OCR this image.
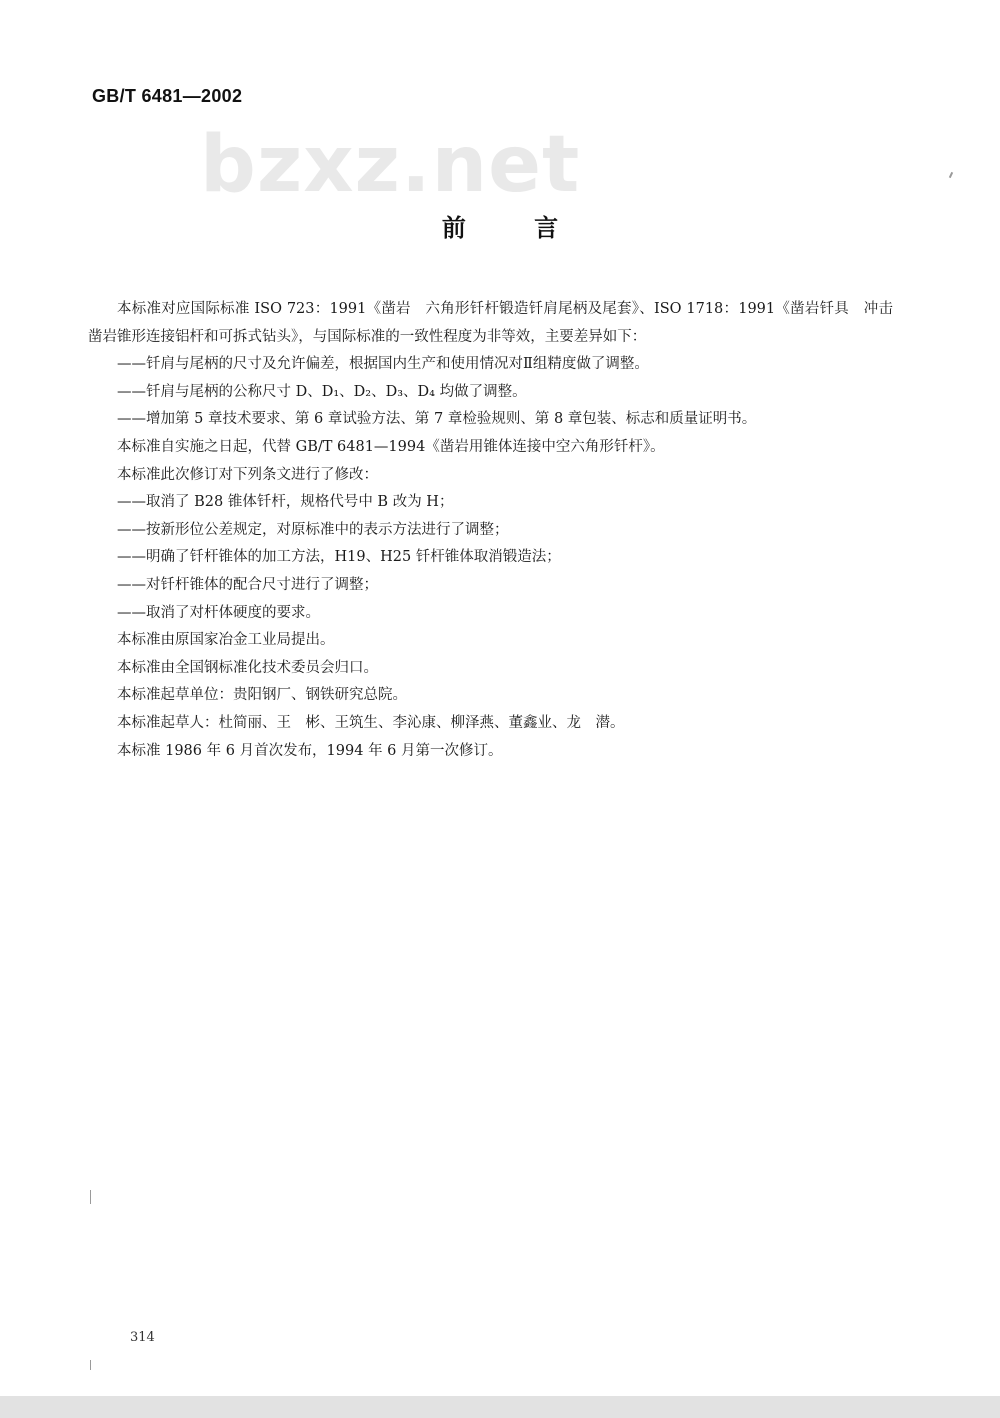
GB/T 6481—2002
bzxz.net
前 言

本标准对应国际标准 ISO 723：1991《凿岩　六角形钎杆锻造钎肩尾柄及尾套》、ISO 1718：1991《凿岩钎具　冲击凿岩锥形连接铝杆和可拆式钻头》，与国际标准的一致性程度为非等效，主要差异如下：

——钎肩与尾柄的尺寸及允许偏差，根据国内生产和使用情况对Ⅱ组精度做了调整。

——钎肩与尾柄的公称尺寸 D、D₁、D₂、D₃、D₄ 均做了调整。

——增加第 5 章技术要求、第 6 章试验方法、第 7 章检验规则、第 8 章包装、标志和质量证明书。

本标准自实施之日起，代替 GB/T 6481—1994《凿岩用锥体连接中空六角形钎杆》。

本标准此次修订对下列条文进行了修改：

——取消了 B28 锥体钎杆，规格代号中 B 改为 H；

——按新形位公差规定，对原标准中的表示方法进行了调整；

——明确了钎杆锥体的加工方法，H19、H25 钎杆锥体取消锻造法；

——对钎杆锥体的配合尺寸进行了调整；

——取消了对杆体硬度的要求。

本标准由原国家冶金工业局提出。

本标准由全国钢标准化技术委员会归口。

本标准起草单位：贵阳钢厂、钢铁研究总院。

本标准起草人：杜简丽、王　彬、王筑生、李沁康、柳泽燕、董鑫业、龙　潜。

本标准 1986 年 6 月首次发布，1994 年 6 月第一次修订。

314
